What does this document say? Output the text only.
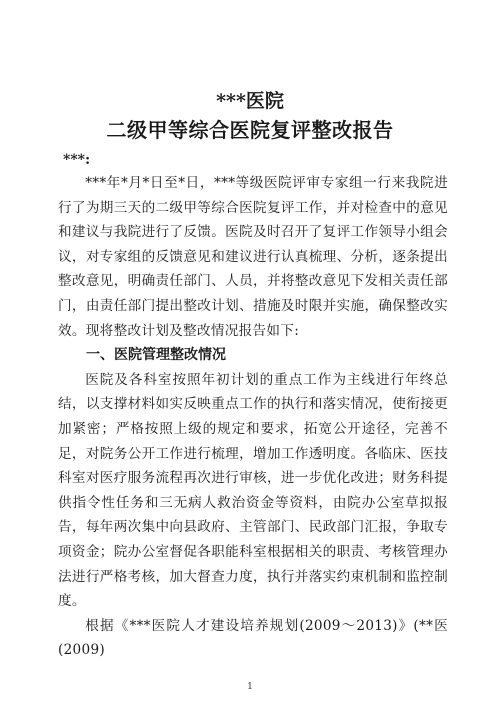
***医院
二级甲等综合医院复评整改报告
***:

***年*月*日至*日，***等级医院评审专家组一行来我院进行了为期三天的二级甲等综合医院复评工作，并对检查中的意见和建议与我院进行了反馈。医院及时召开了复评工作领导小组会议，对专家组的反馈意见和建议进行认真梳理、分析，逐条提出整改意见，明确责任部门、人员，并将整改意见下发相关责任部门，由责任部门提出整改计划、措施及时限并实施，确保整改实效。现将整改计划及整改情况报告如下:

一、医院管理整改情况

医院及各科室按照年初计划的重点工作为主线进行年终总结，以支撑材料如实反映重点工作的执行和落实情况，使衔接更加紧密；严格按照上级的规定和要求，拓宽公开途径，完善不足，对院务公开工作进行梳理，增加工作透明度。各临床、医技科室对医疗服务流程再次进行审核，进一步优化改进；财务科提供指令性任务和三无病人救治资金等资料，由院办公室草拟报告，每年两次集中向县政府、主管部门、民政部门汇报，争取专项资金；院办公室督促各职能科室根据相关的职责、考核管理办法进行严格考核，加大督查力度，执行并落实约束机制和监控制度。

根据《***医院人才建设培养规划(2009～2013)》(**医(2009)

1
